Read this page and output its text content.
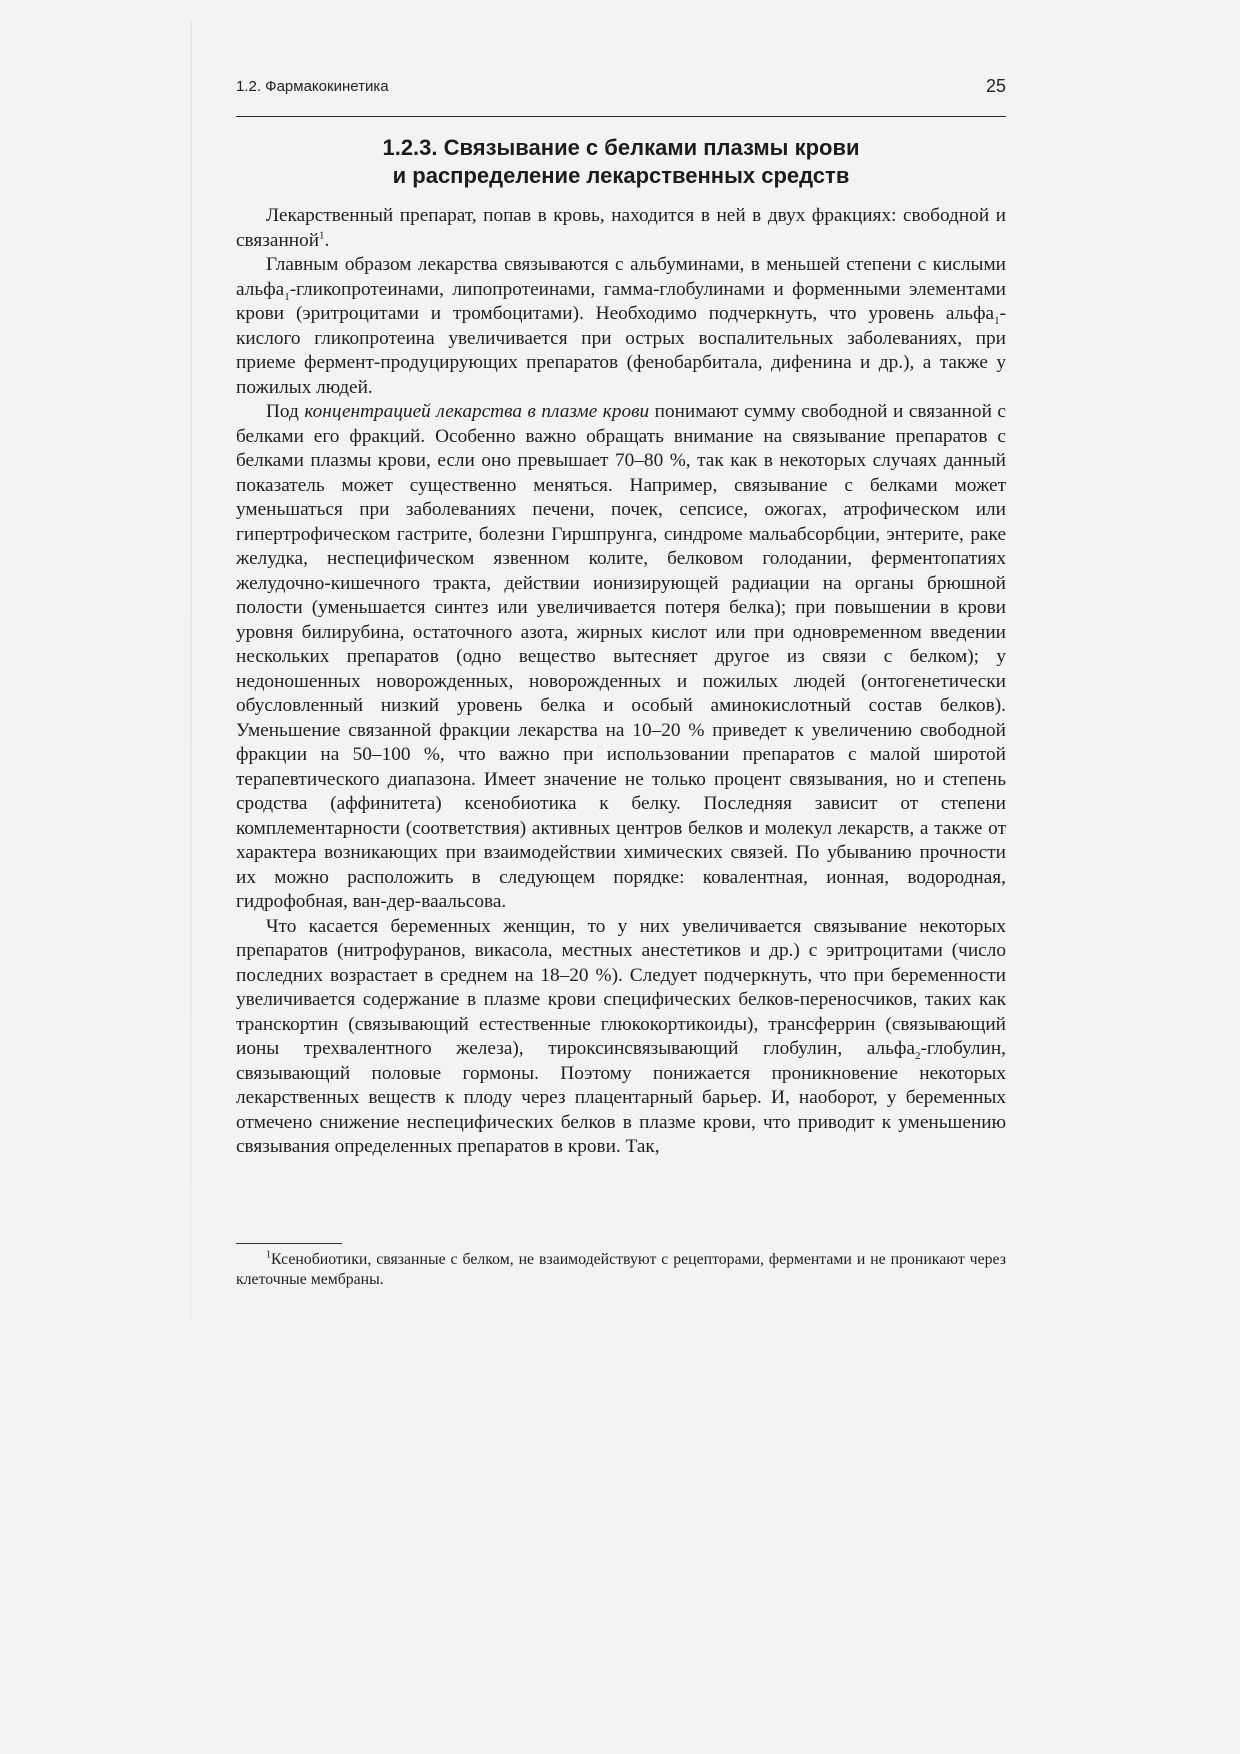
1.2. Фармакокинетика	25
1.2.3. Связывание с белками плазмы крови
и распределение лекарственных средств

Лекарственный препарат, попав в кровь, находится в ней в двух фракциях: свободной и связанной$^1$.

Главным образом лекарства связываются с альбуминами, в меньшей степени с кислыми альфа$_1$-гликопротеинами, липопротеинами, гамма-глобулинами и форменными элементами крови (эритроцитами и тромбоцитами). Необходимо подчеркнуть, что уровень альфа$_1$-кислого гликопротеина увеличивается при острых воспалительных заболеваниях, при приеме фермент-продуцирующих препаратов (фенобарбитала, дифенина и др.), а также у пожилых людей.

Под концентрацией лекарства в плазме крови понимают сумму свободной и связанной с белками его фракций. Особенно важно обращать внимание на связывание препаратов с белками плазмы крови, если оно превышает 70–80 %, так как в некоторых случаях данный показатель может существенно меняться. Например, связывание с белками может уменьшаться при заболеваниях печени, почек, сепсисе, ожогах, атрофическом или гипертрофическом гастрите, болезни Гиршпрунга, синдроме мальабсорбции, энтерите, раке желудка, неспецифическом язвенном колите, белковом голодании, ферментопатиях желудочно-кишечного тракта, действии ионизирующей радиации на органы брюшной полости (уменьшается синтез или увеличивается потеря белка); при повышении в крови уровня билирубина, остаточного азота, жирных кислот или при одновременном введении нескольких препаратов (одно вещество вытесняет другое из связи с белком); у недоношенных новорожденных, новорожденных и пожилых людей (онтогенетически обусловленный низкий уровень белка и особый аминокислотный состав белков). Уменьшение связанной фракции лекарства на 10–20 % приведет к увеличению свободной фракции на 50–100 %, что важно при использовании препаратов с малой широтой терапевтического диапазона. Имеет значение не только процент связывания, но и степень сродства (аффинитета) ксенобиотика к белку. Последняя зависит от степени комплементарности (соответствия) активных центров белков и молекул лекарств, а также от характера возникающих при взаимодействии химических связей. По убыванию прочности их можно расположить в следующем порядке: ковалентная, ионная, водородная, гидрофобная, ван-дер-ваальсова.

Что касается беременных женщин, то у них увеличивается связывание некоторых препаратов (нитрофуранов, викасола, местных анестетиков и др.) с эритроцитами (число последних возрастает в среднем на 18–20 %). Следует подчеркнуть, что при беременности увеличивается содержание в плазме крови специфических белков-переносчиков, таких как транскортин (связывающий естественные глюкокортикоиды), трансферрин (связывающий ионы трехвалентного железа), тироксинсвязывающий глобулин, альфа$_2$-глобулин, связывающий половые гормоны. Поэтому понижается проникновение некоторых лекарственных веществ к плоду через плацентарный барьер. И, наоборот, у беременных отмечено снижение неспецифических белков в плазме крови, что приводит к уменьшению связывания определенных препаратов в крови. Так,

$^1$Ксенобиотики, связанные с белком, не взаимодействуют с рецепторами, ферментами и не проникают через клеточные мембраны.
